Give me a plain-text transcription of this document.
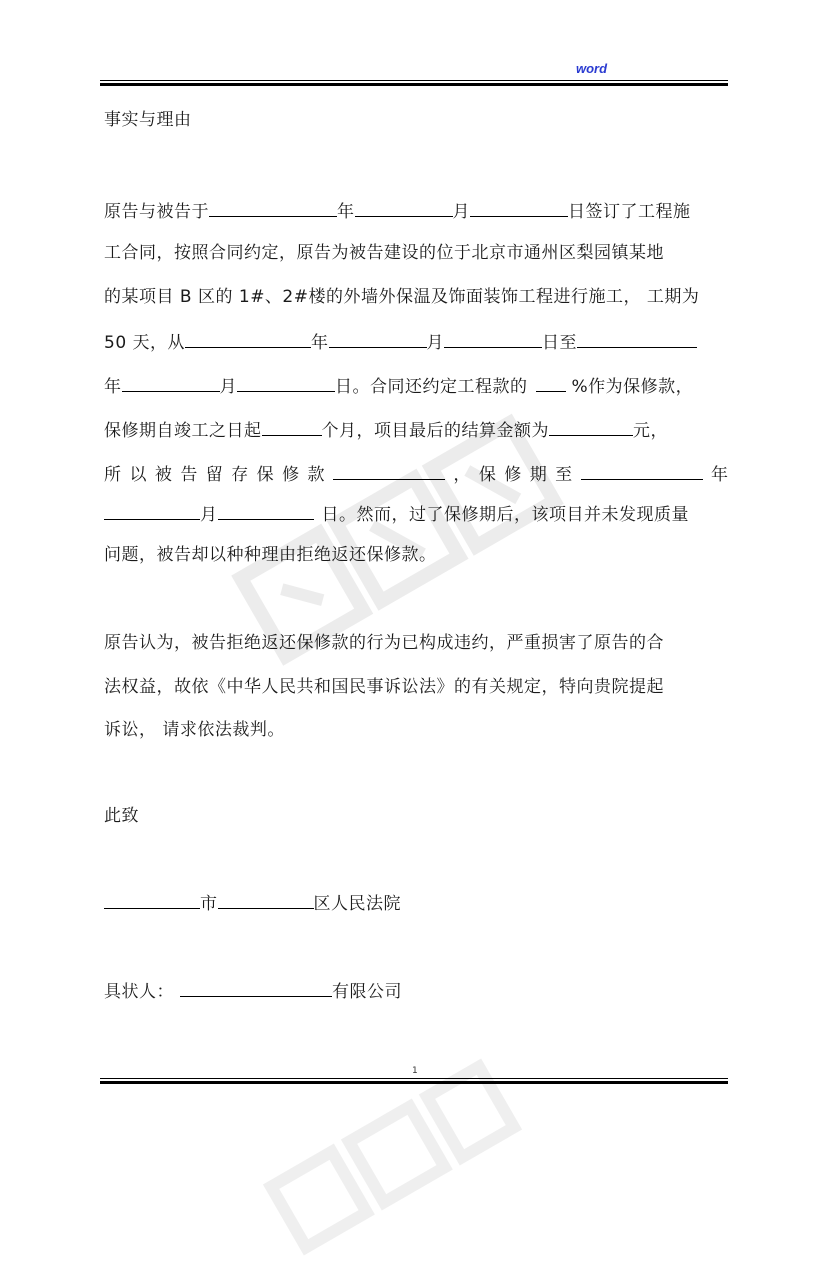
word
事实与理由
原告与被告于	年	月	日签订了工程施
工合同，按照合同约定，原告为被告建设的位于北京市通州区梨园镇某地
的某项目 B 区的 1#、2#楼的外墙外保温及饰面装饰工程进行施工， 工期为
50 天，从	年	月	日至
年	月	日。合同还约定工程款的	%作为保修款，
保修期自竣工之日起	个月，项目最后的结算金额为	元，
所 以 被 告 留 存 保 修 款	， 保 修 期 至	年
月	日。然而，过了保修期后，该项目并未发现质量
问题，被告却以种种理由拒绝返还保修款。
原告认为，被告拒绝返还保修款的行为已构成违约，严重损害了原告的合
法权益，故依《中华人民共和国民事诉讼法》的有关规定，特向贵院提起
诉讼， 请求依法裁判。
此致
市	区人民法院
具状人：	有限公司
1
